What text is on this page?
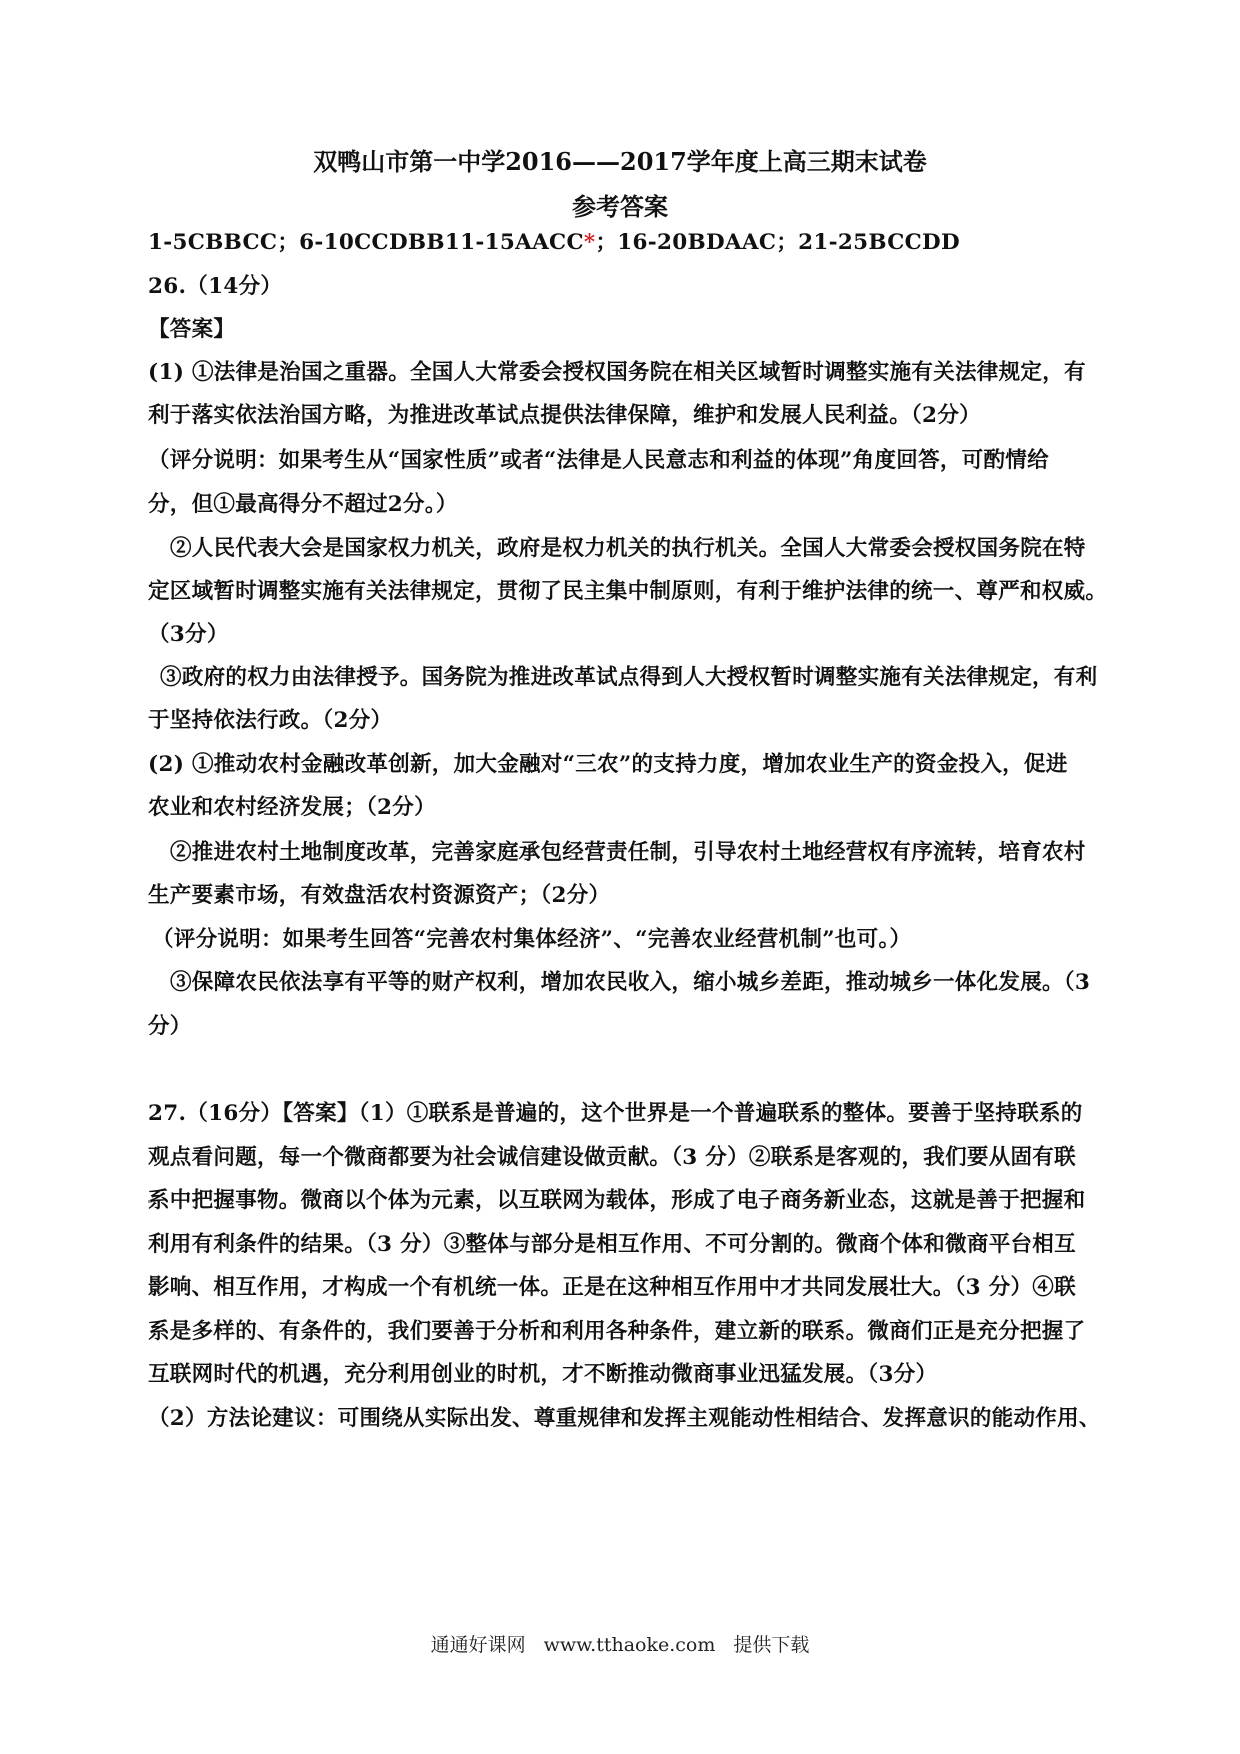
双鸭山市第一中学2016——2017学年度上高三期末试卷
参考答案
1-5CBBCC；6-10CCDBB11-15AACC*；16-20BDAAC；21-25BCCDD
26.（14分）
【答案】
(1) ①法律是治国之重器。全国人大常委会授权国务院在相关区域暂时调整实施有关法律规定，有
利于落实依法治国方略，为推进改革试点提供法律保障，维护和发展人民利益。（2分）
（评分说明：如果考生从“国家性质”或者“法律是人民意志和利益的体现”角度回答，可酌情给
分，但①最高得分不超过2分。）
②人民代表大会是国家权力机关，政府是权力机关的执行机关。全国人大常委会授权国务院在特
定区域暂时调整实施有关法律规定，贯彻了民主集中制原则，有利于维护法律的统一、尊严和权威。
（3分）
③政府的权力由法律授予。国务院为推进改革试点得到人大授权暂时调整实施有关法律规定，有利
于坚持依法行政。（2分）
(2) ①推动农村金融改革创新，加大金融对“三农”的支持力度，增加农业生产的资金投入，促进
农业和农村经济发展；（2分）
②推进农村土地制度改革，完善家庭承包经营责任制，引导农村土地经营权有序流转，培育农村
生产要素市场，有效盘活农村资源资产；（2分）
（评分说明：如果考生回答“完善农村集体经济”、“完善农业经营机制”也可。）
③保障农民依法享有平等的财产权利，增加农民收入，缩小城乡差距，推动城乡一体化发展。（3
分）
27.（16分）【答案】（1）①联系是普遍的，这个世界是一个普遍联系的整体。要善于坚持联系的
观点看问题，每一个微商都要为社会诚信建设做贡献。（3 分）②联系是客观的，我们要从固有联
系中把握事物。微商以个体为元素，以互联网为载体，形成了电子商务新业态，这就是善于把握和
利用有利条件的结果。（3 分）③整体与部分是相互作用、不可分割的。微商个体和微商平台相互
影响、相互作用，才构成一个有机统一体。正是在这种相互作用中才共同发展壮大。（3 分）④联
系是多样的、有条件的，我们要善于分析和利用各种条件，建立新的联系。微商们正是充分把握了
互联网时代的机遇，充分利用创业的时机，才不断推动微商事业迅猛发展。（3分）
（2）方法论建议：可围绕从实际出发、尊重规律和发挥主观能动性相结合、发挥意识的能动作用、
通通好课网 www.tthaoke.com 提供下载
